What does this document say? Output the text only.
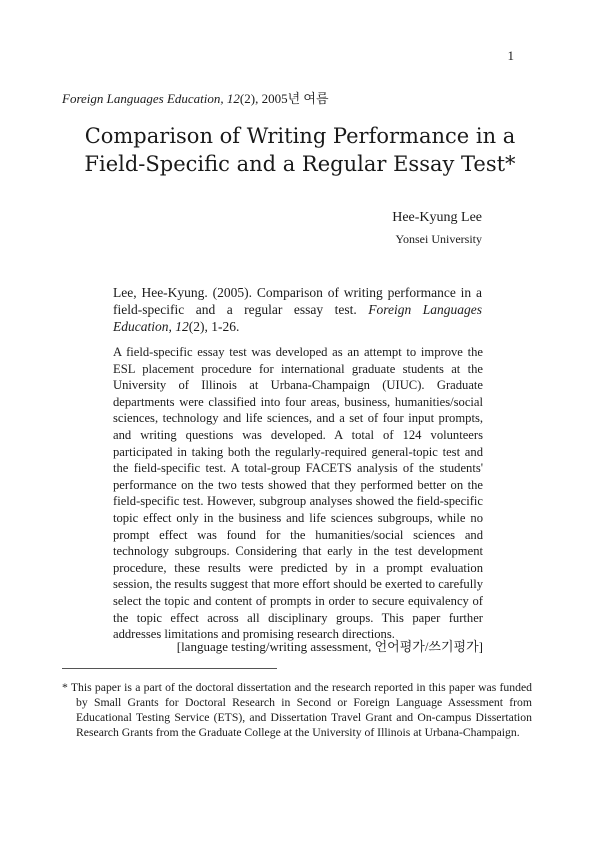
1
Foreign Languages Education, 12(2), 2005년 여름
Comparison of Writing Performance in a
Field-Specific and a Regular Essay Test*
Hee-Kyung Lee
Yonsei University
Lee, Hee-Kyung. (2005). Comparison of writing performance in a field-specific and a regular essay test. Foreign Languages Education, 12(2), 1-26.
A field-specific essay test was developed as an attempt to improve the ESL placement procedure for international graduate students at the University of Illinois at Urbana-Champaign (UIUC). Graduate departments were classified into four areas, business, humanities/social sciences, technology and life sciences, and a set of four input prompts, and writing questions was developed. A total of 124 volunteers participated in taking both the regularly-required general-topic test and the field-specific test. A total-group FACETS analysis of the students' performance on the two tests showed that they performed better on the field-specific test. However, subgroup analyses showed the field-specific topic effect only in the business and life sciences subgroups, while no prompt effect was found for the humanities/social sciences and technology subgroups. Considering that early in the test development procedure, these results were predicted by in a prompt evaluation session, the results suggest that more effort should be exerted to carefully select the topic and content of prompts in order to secure equivalency of the topic effect across all disciplinary groups. This paper further addresses limitations and promising research directions.
[language testing/writing assessment, 언어평가/쓰기평가]
* This paper is a part of the doctoral dissertation and the research reported in this paper was funded by Small Grants for Doctoral Research in Second or Foreign Language Assessment from Educational Testing Service (ETS), and Dissertation Travel Grant and On-campus Dissertation Research Grants from the Graduate College at the University of Illinois at Urbana-Champaign.
